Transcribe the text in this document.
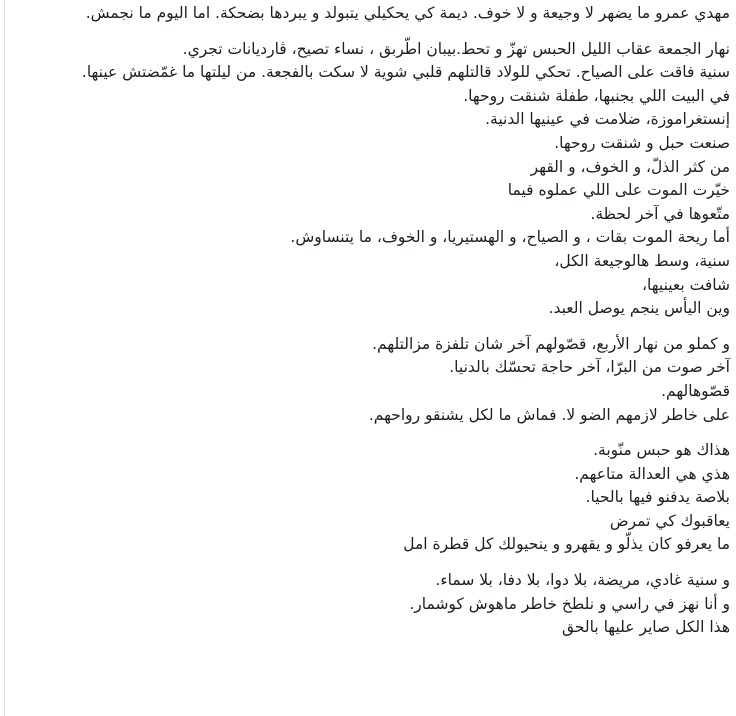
مهدي عمرو ما يضهر لا وجيعة و لا خوف. ديمة كي يحكيلي يتبولد و يبردها بضحكة. اما اليوم ما نجمش.
نهار الجمعة عقاب الليل الحبس تهزّ و تحط.بيبان اطّربق ، نساء تصيح، ڨارديانات تجري.
سنية فاقت على الصياح. تحكي للولاد قالتلهم قلبي شوية لا سكت بالفجعة. من ليلتها ما غمّضتش عينها.
في البيت اللي بجنبها، طفلة شنقت روحها.
إنستغراموزة، ضلامت في عينيها الدنية.
صنعت حبل و شنقت روحها.
من كثر الذلّ، و الخوف، و القهر
خيّرت الموت على اللي عملوه فيما
متّعوها في آخر لحظة.
أما ريحة الموت بقات ، و الصياح، و الهستيريا، و الخوف، ما يتنساوش.
سنية، وسط هالوجيعة الكل،
شافت بعينيها،
وين اليأس ينجم يوصل العبد.
و كملو من نهار الأربع، قصّولهم آخر شان تلفزة مزالتلهم.
آخر صوت من البرّا، آخر حاجة تحسّك بالدنيا.
قصّوهالهم.
على خاطر لازمهم الضو لا. فماش ما لكل يشنقو رواحهم.
هذاك هو حبس منّوبة.
هذي هي العدالة متاعهم.
بلاصة يدفنو فيها بالحيا.
يعاقبوك كي تمرض
ما يعرفو كان يذلّو و يقهرو و ينحيولك كل قطرة امل
و سنية غادي، مريضة، بلا دوا، بلا دفا، بلا سماء.
و أنا نهز في راسي و نلطخ خاطر ماهوش كوشمار.
هذا الكل صاير عليها بالحق
